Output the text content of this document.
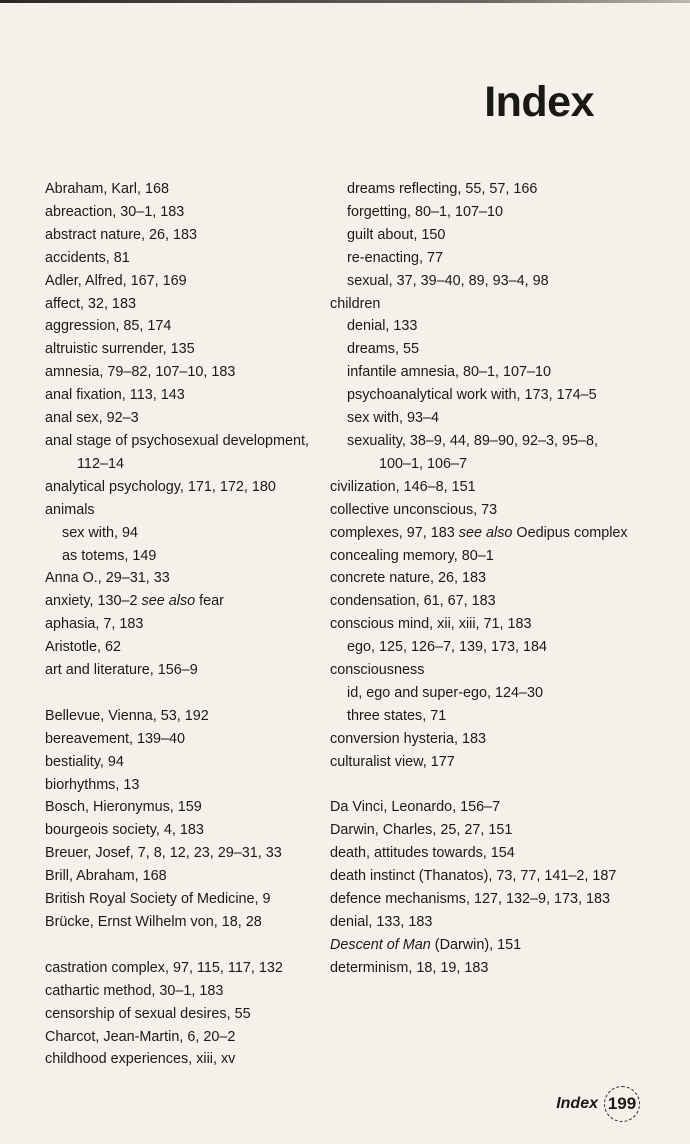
Index
Abraham, Karl, 168
abreaction, 30–1, 183
abstract nature, 26, 183
accidents, 81
Adler, Alfred, 167, 169
affect, 32, 183
aggression, 85, 174
altruistic surrender, 135
amnesia, 79–82, 107–10, 183
anal fixation, 113, 143
anal sex, 92–3
anal stage of psychosexual development, 112–14
analytical psychology, 171, 172, 180
animals
sex with, 94
as totems, 149
Anna O., 29–31, 33
anxiety, 130–2 see also fear
aphasia, 7, 183
Aristotle, 62
art and literature, 156–9
Bellevue, Vienna, 53, 192
bereavement, 139–40
bestiality, 94
biorhythms, 13
Bosch, Hieronymus, 159
bourgeois society, 4, 183
Breuer, Josef, 7, 8, 12, 23, 29–31, 33
Brill, Abraham, 168
British Royal Society of Medicine, 9
Brücke, Ernst Wilhelm von, 18, 28
castration complex, 97, 115, 117, 132
cathartic method, 30–1, 183
censorship of sexual desires, 55
Charcot, Jean-Martin, 6, 20–2
childhood experiences, xiii, xv
dreams reflecting, 55, 57, 166
forgetting, 80–1, 107–10
guilt about, 150
re-enacting, 77
sexual, 37, 39–40, 89, 93–4, 98
children
denial, 133
dreams, 55
infantile amnesia, 80–1, 107–10
psychoanalytical work with, 173, 174–5
sex with, 93–4
sexuality, 38–9, 44, 89–90, 92–3, 95–8, 100–1, 106–7
civilization, 146–8, 151
collective unconscious, 73
complexes, 97, 183 see also Oedipus complex
concealing memory, 80–1
concrete nature, 26, 183
condensation, 61, 67, 183
conscious mind, xii, xiii, 71, 183
ego, 125, 126–7, 139, 173, 184
consciousness
id, ego and super-ego, 124–30
three states, 71
conversion hysteria, 183
culturalist view, 177
Da Vinci, Leonardo, 156–7
Darwin, Charles, 25, 27, 151
death, attitudes towards, 154
death instinct (Thanatos), 73, 77, 141–2, 187
defence mechanisms, 127, 132–9, 173, 183
denial, 133, 183
Descent of Man (Darwin), 151
determinism, 18, 19, 183
Index 199
